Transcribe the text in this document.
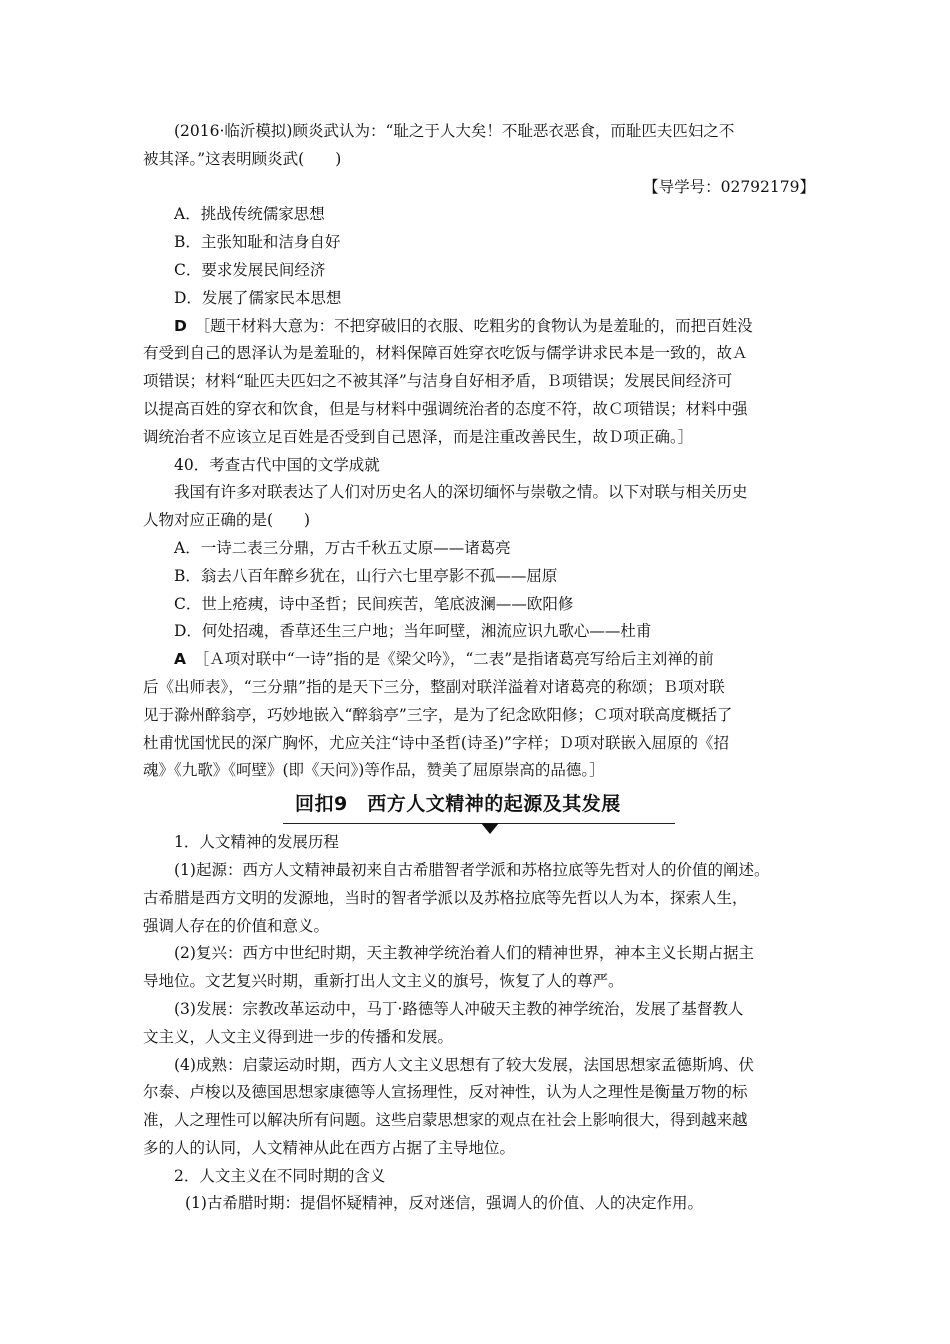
(2016·临沂模拟)顾炎武认为：“耻之于人大矣！不耻恶衣恶食，而耻匹夫匹妇之不

被其泽。”这表明顾炎武(　　)

【导学号：02792179】

A．挑战传统儒家思想

B．主张知耻和洁身自好

C．要求发展民间经济

D．发展了儒家民本思想

D　 ［题干材料大意为：不把穿破旧的衣服、吃粗劣的食物认为是羞耻的，而把百姓没

有受到自己的恩泽认为是羞耻的，材料保障百姓穿衣吃饭与儒学讲求民本是一致的，故Ａ

项错误；材料“耻匹夫匹妇之不被其泽”与洁身自好相矛盾，Ｂ项错误；发展民间经济可

以提高百姓的穿衣和饮食，但是与材料中强调统治者的态度不符，故Ｃ项错误；材料中强

调统治者不应该立足百姓是否受到自己恩泽，而是注重改善民生，故Ｄ项正确。］

40．考查古代中国的文学成就

我国有许多对联表达了人们对历史名人的深切缅怀与崇敬之情。以下对联与相关历史

人物对应正确的是(　　)

A．一诗二表三分鼎，万古千秋五丈原——诸葛亮

B．翁去八百年醉乡犹在，山行六七里亭影不孤——屈原

C．世上疮痍，诗中圣哲；民间疾苦，笔底波澜——欧阳修

D．何处招魂，香草还生三户地；当年呵壁，湘流应识九歌心——杜甫

A　 ［Ａ项对联中“一诗”指的是《梁父吟》，“二表”是指诸葛亮写给后主刘禅的前

后《出师表》，“三分鼎”指的是天下三分，整副对联洋溢着对诸葛亮的称颂；Ｂ项对联

见于滁州醉翁亭，巧妙地嵌入“醉翁亭”三字，是为了纪念欧阳修；Ｃ项对联高度概括了

杜甫忧国忧民的深广胸怀，尤应关注“诗中圣哲(诗圣)”字样；Ｄ项对联嵌入屈原的《招

魂》《九歌》《呵壁》(即《天问》)等作品，赞美了屈原崇高的品德。］

回扣9　西方人文精神的起源及其发展

1．人文精神的发展历程

(1)起源：西方人文精神最初来自古希腊智者学派和苏格拉底等先哲对人的价值的阐述。

古希腊是西方文明的发源地，当时的智者学派以及苏格拉底等先哲以人为本，探索人生，

强调人存在的价值和意义。

(2)复兴：西方中世纪时期，天主教神学统治着人们的精神世界，神本主义长期占据主

导地位。文艺复兴时期，重新打出人文主义的旗号，恢复了人的尊严。

(3)发展：宗教改革运动中，马丁·路德等人冲破天主教的神学统治，发展了基督教人

文主义，人文主义得到进一步的传播和发展。

(4)成熟：启蒙运动时期，西方人文主义思想有了较大发展，法国思想家孟德斯鸠、伏

尔泰、卢梭以及德国思想家康德等人宣扬理性，反对神性，认为人之理性是衡量万物的标

准，人之理性可以解决所有问题。这些启蒙思想家的观点在社会上影响很大，得到越来越

多的人的认同，人文精神从此在西方占据了主导地位。

2．人文主义在不同时期的含义

(1)古希腊时期：提倡怀疑精神，反对迷信，强调人的价值、人的决定作用。
